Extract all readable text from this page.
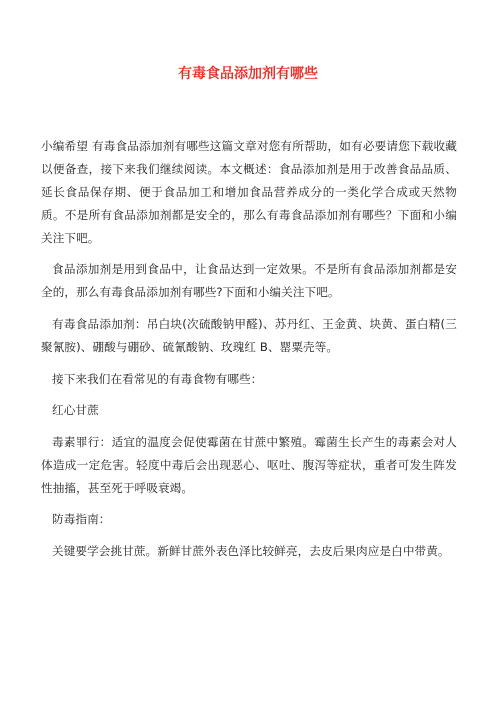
有毒食品添加剂有哪些

小编希望 有毒食品添加剂有哪些这篇文章对您有所帮助，如有必要请您下载收藏以便备查，接下来我们继续阅读。本文概述：食品添加剂是用于改善食品品质、延长食品保存期、便于食品加工和增加食品营养成分的一类化学合成或天然物质。不是所有食品添加剂都是安全的，那么有毒食品添加剂有哪些？下面和小编关注下吧。

食品添加剂是用到食品中，让食品达到一定效果。不是所有食品添加剂都是安全的，那么有毒食品添加剂有哪些?下面和小编关注下吧。

有毒食品添加剂：吊白块(次硫酸钠甲醛)、苏丹红、王金黄、块黄、蛋白精(三聚氰胺)、硼酸与硼砂、硫氰酸钠、玫瑰红 B、罂粟壳等。

接下来我们在看常见的有毒食物有哪些：

红心甘蔗

毒素罪行：适宜的温度会促使霉菌在甘蔗中繁殖。霉菌生长产生的毒素会对人体造成一定危害。轻度中毒后会出现恶心、呕吐、腹泻等症状，重者可发生阵发性抽搐，甚至死于呼吸衰竭。

防毒指南：

关键要学会挑甘蔗。新鲜甘蔗外表色泽比较鲜亮，去皮后果肉应是白中带黄。
